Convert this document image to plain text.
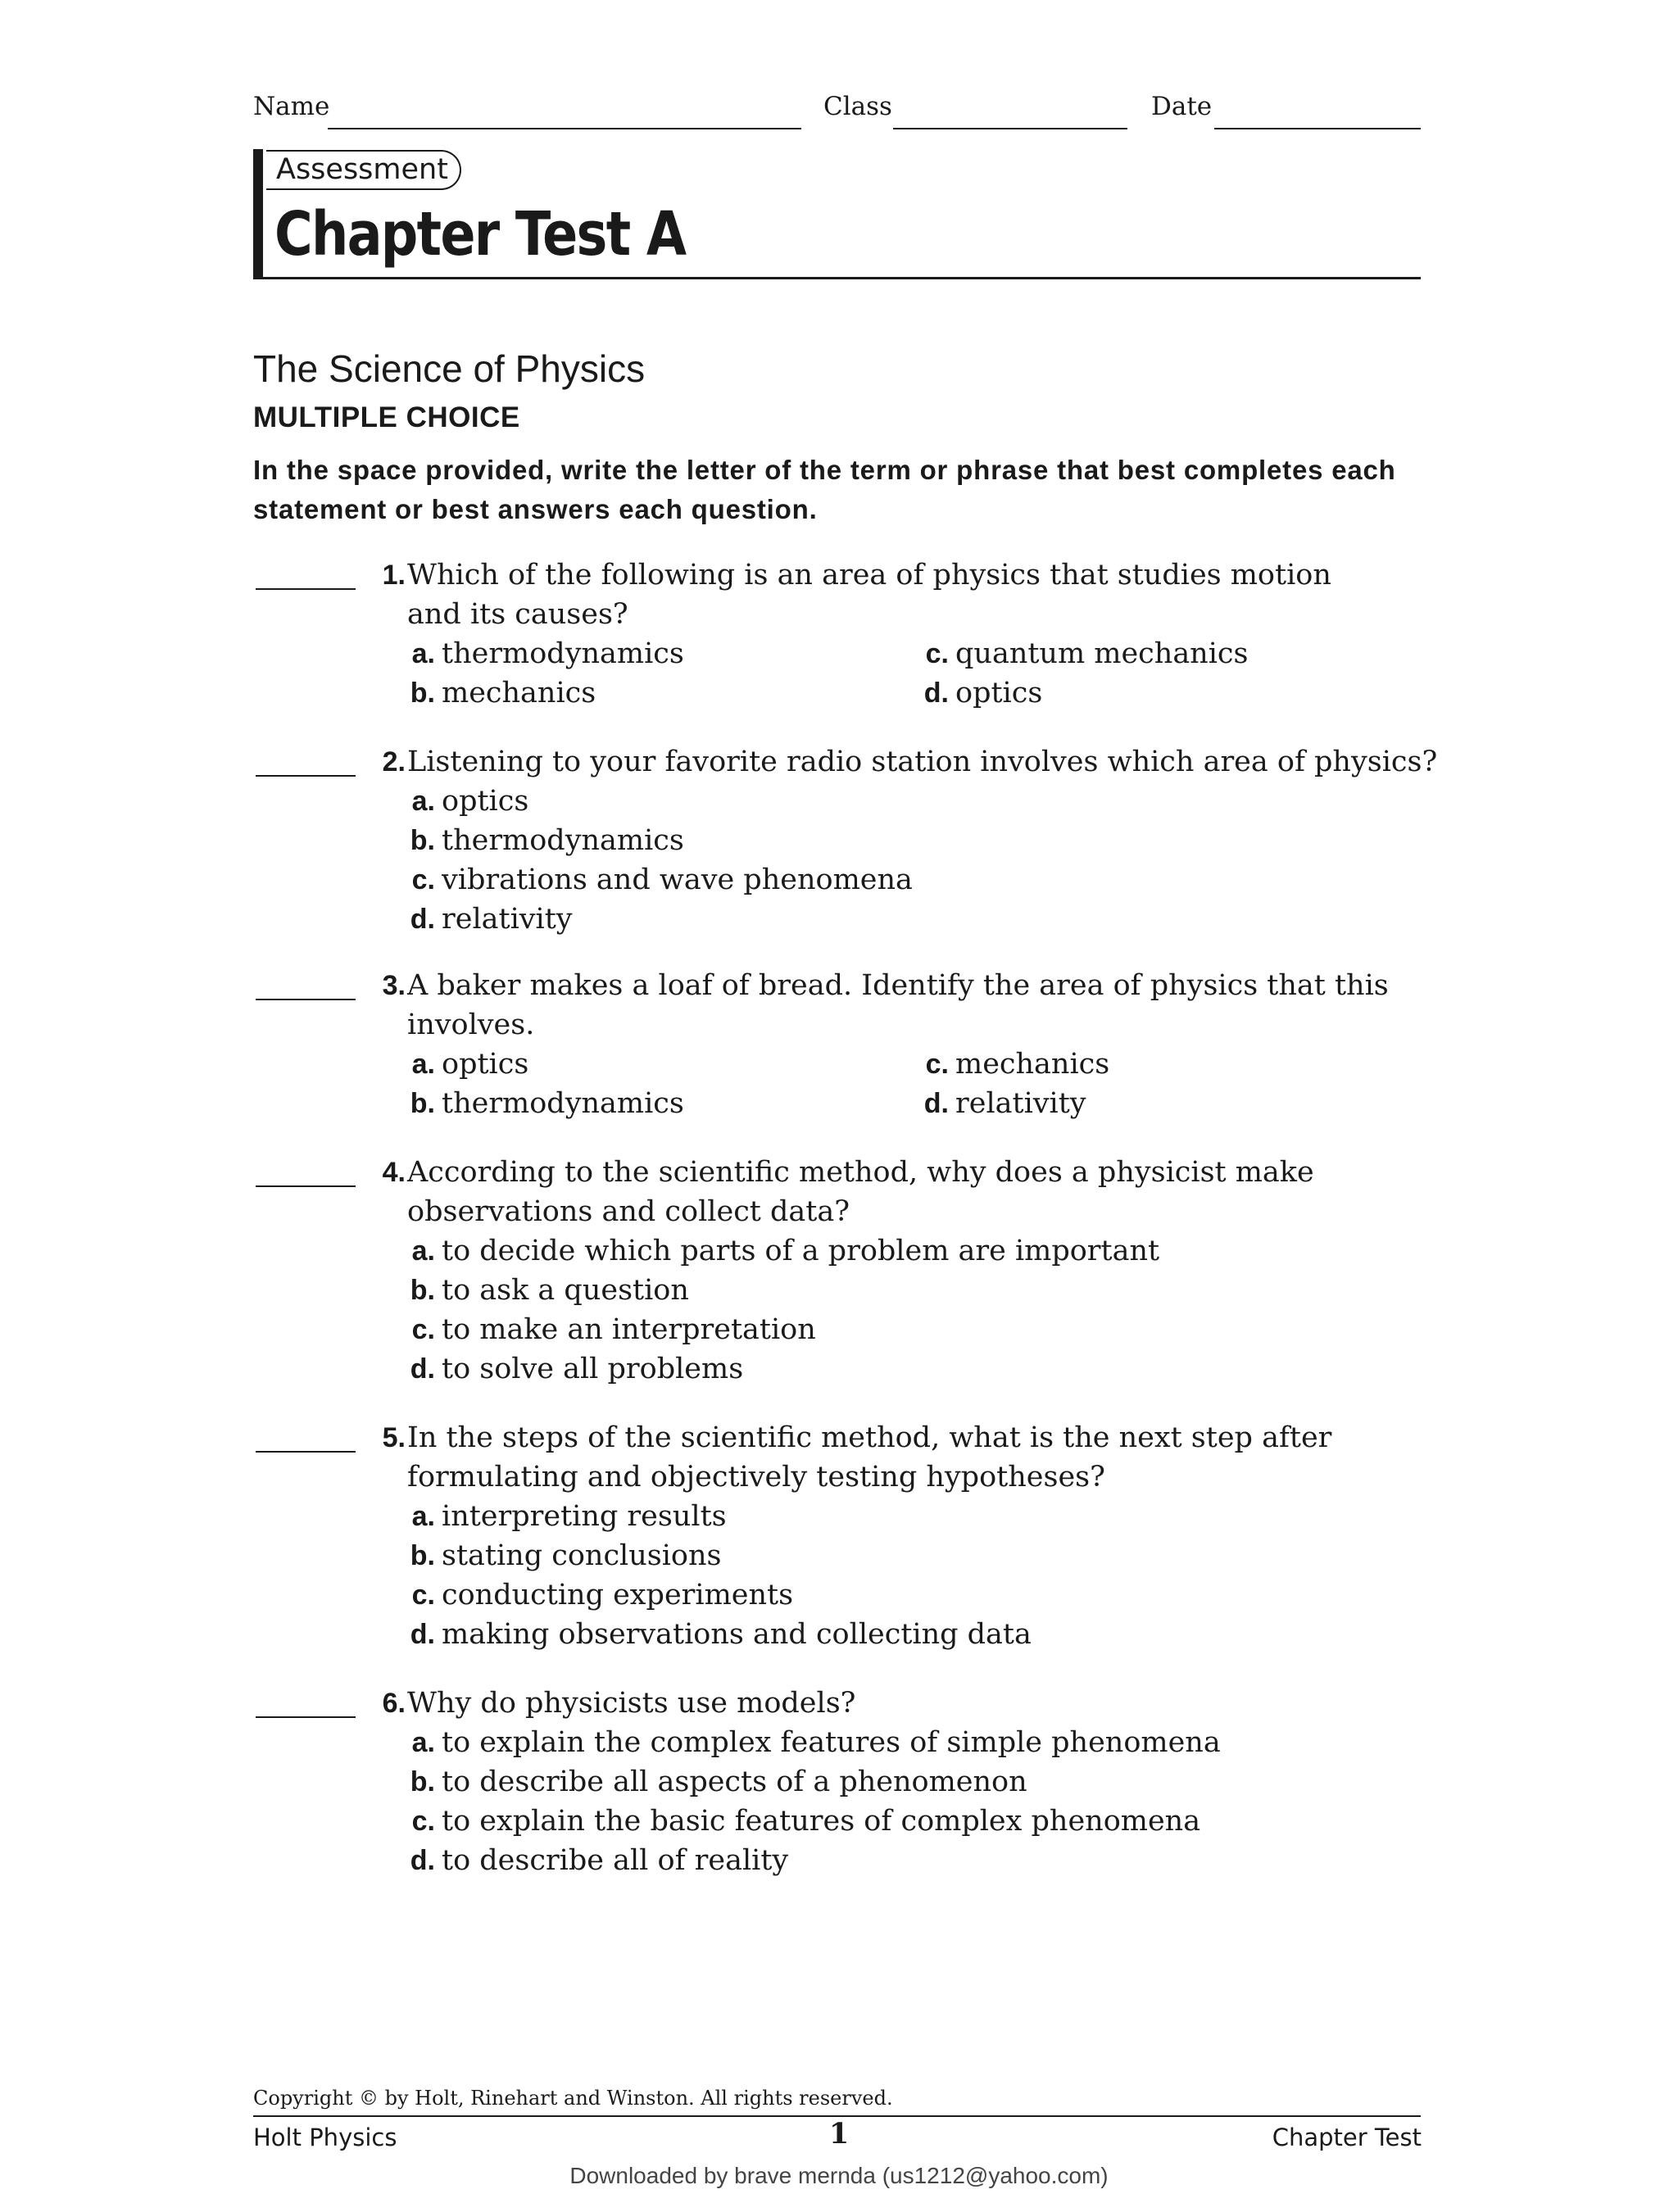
Name	Class	Date
Assessment
Chapter Test A
The Science of Physics
MULTIPLE CHOICE
In the space provided, write the letter of the term or phrase that best completes each statement or best answers each question.
1. Which of the following is an area of physics that studies motion and its causes?
a. thermodynamics
b. mechanics
c. quantum mechanics
d. optics
2. Listening to your favorite radio station involves which area of physics?
a. optics
b. thermodynamics
c. vibrations and wave phenomena
d. relativity
3. A baker makes a loaf of bread. Identify the area of physics that this involves.
a. optics
b. thermodynamics
c. mechanics
d. relativity
4. According to the scientific method, why does a physicist make observations and collect data?
a. to decide which parts of a problem are important
b. to ask a question
c. to make an interpretation
d. to solve all problems
5. In the steps of the scientific method, what is the next step after formulating and objectively testing hypotheses?
a. interpreting results
b. stating conclusions
c. conducting experiments
d. making observations and collecting data
6. Why do physicists use models?
a. to explain the complex features of simple phenomena
b. to describe all aspects of a phenomenon
c. to explain the basic features of complex phenomena
d. to describe all of reality
Copyright © by Holt, Rinehart and Winston. All rights reserved.
Holt Physics	1	Chapter Test
Downloaded by brave mernda (us1212@yahoo.com)
